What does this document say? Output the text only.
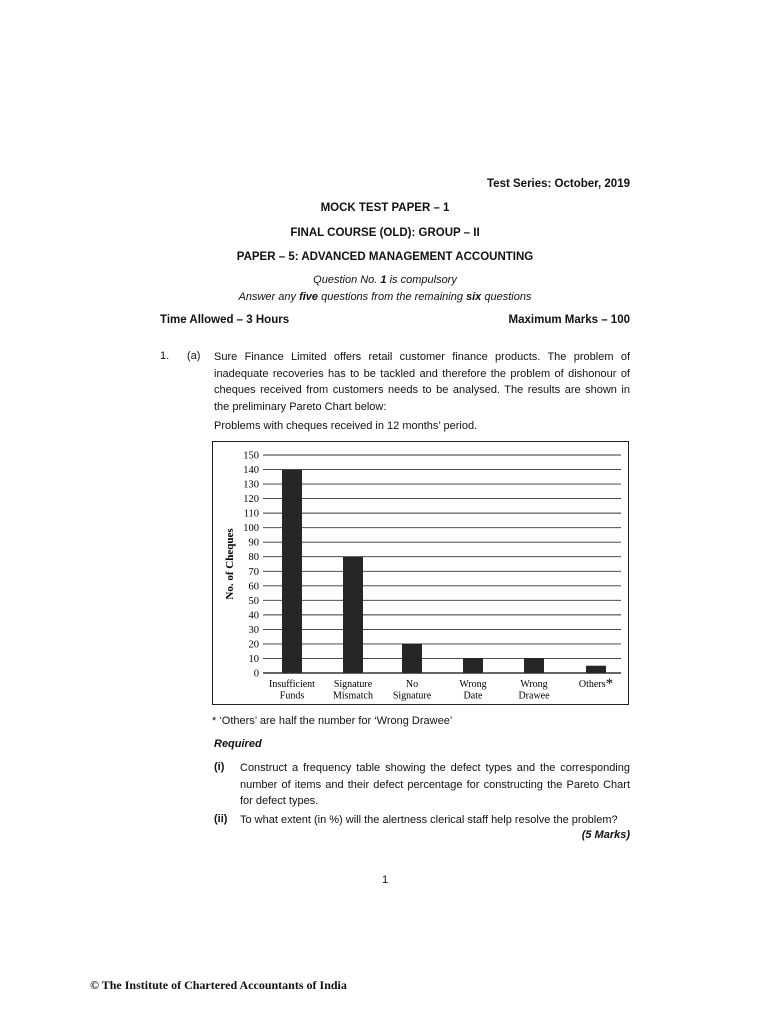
Test Series: October, 2019
MOCK TEST PAPER – 1
FINAL COURSE (OLD): GROUP – II
PAPER – 5: ADVANCED MANAGEMENT ACCOUNTING
Question No. 1 is compulsory
Answer any five questions from the remaining six questions
Time Allowed – 3 Hours	Maximum Marks – 100
1. (a) Sure Finance Limited offers retail customer finance products. The problem of inadequate recoveries has to be tackled and therefore the problem of dishonour of cheques received from customers needs to be analysed. The results are shown in the preliminary Pareto Chart below:
Problems with cheques received in 12 months’ period.
0
10
20
30
40
50
60
70
80
90
100
110
120
130
140
150
Insufficient
Funds
Signature
Mismatch
No
Signature
Wrong
Date
Wrong
Drawee
Others*
No. of Cheques
* ‘Others’ are half the number for ‘Wrong Drawee’
Required
(i) Construct a frequency table showing the defect types and the corresponding number of items and their defect percentage for constructing the Pareto Chart for defect types.
(ii) To what extent (in %) will the alertness clerical staff help resolve the problem?
(5 Marks)
1
© The Institute of Chartered Accountants of India
